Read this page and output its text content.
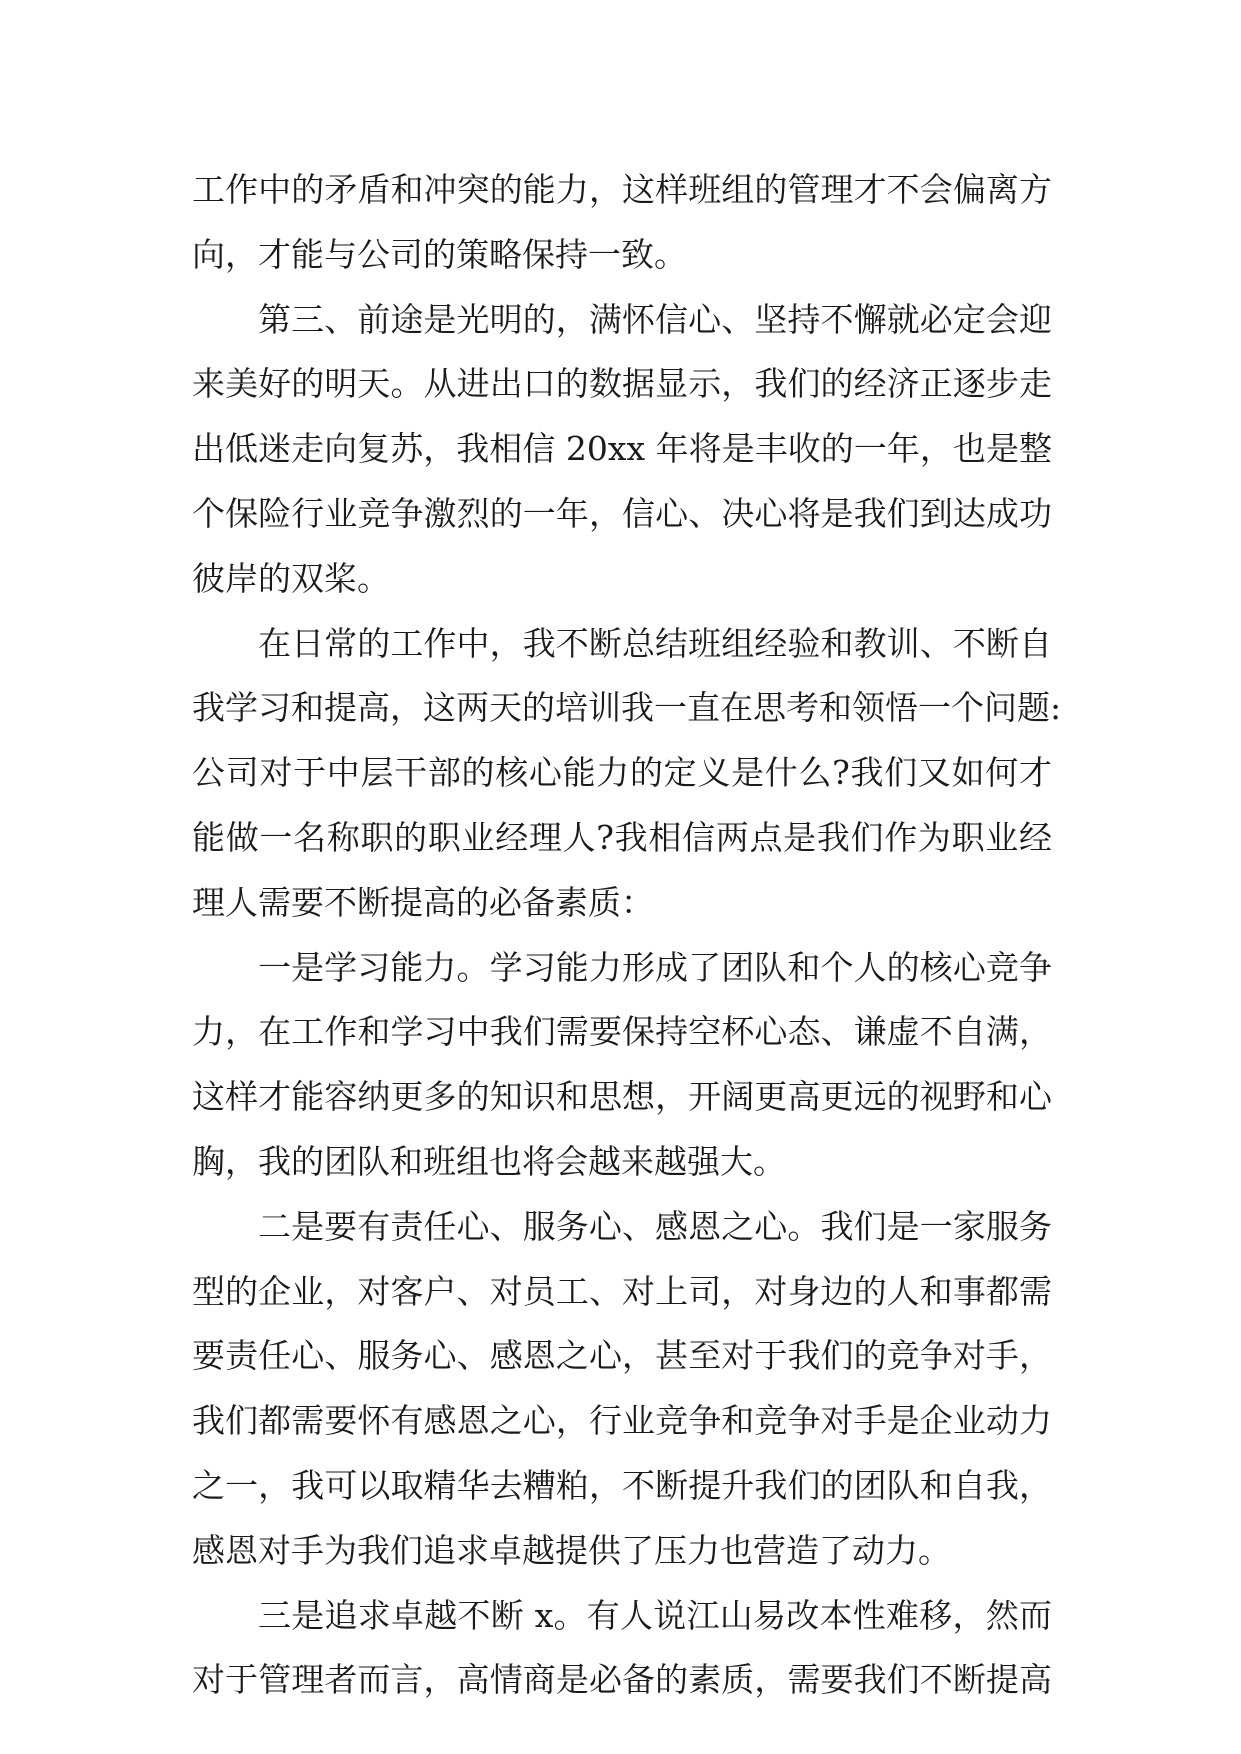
工作中的矛盾和冲突的能力，这样班组的管理才不会偏离方
向，才能与公司的策略保持一致。
第三、前途是光明的，满怀信心、坚持不懈就必定会迎
来美好的明天。从进出口的数据显示，我们的经济正逐步走
出低迷走向复苏，我相信 20xx 年将是丰收的一年，也是整
个保险行业竞争激烈的一年，信心、决心将是我们到达成功
彼岸的双桨。
在日常的工作中，我不断总结班组经验和教训、不断自
我学习和提高，这两天的培训我一直在思考和领悟一个问题:
公司对于中层干部的核心能力的定义是什么?我们又如何才
能做一名称职的职业经理人?我相信两点是我们作为职业经
理人需要不断提高的必备素质：
一是学习能力。学习能力形成了团队和个人的核心竞争
力，在工作和学习中我们需要保持空杯心态、谦虚不自满，
这样才能容纳更多的知识和思想，开阔更高更远的视野和心
胸，我的团队和班组也将会越来越强大。
二是要有责任心、服务心、感恩之心。我们是一家服务
型的企业，对客户、对员工、对上司，对身边的人和事都需
要责任心、服务心、感恩之心，甚至对于我们的竞争对手，
我们都需要怀有感恩之心，行业竞争和竞争对手是企业动力
之一，我可以取精华去糟粕，不断提升我们的团队和自我，
感恩对手为我们追求卓越提供了压力也营造了动力。
三是追求卓越不断 x。有人说江山易改本性难移，然而
对于管理者而言，高情商是必备的素质，需要我们不断提高
